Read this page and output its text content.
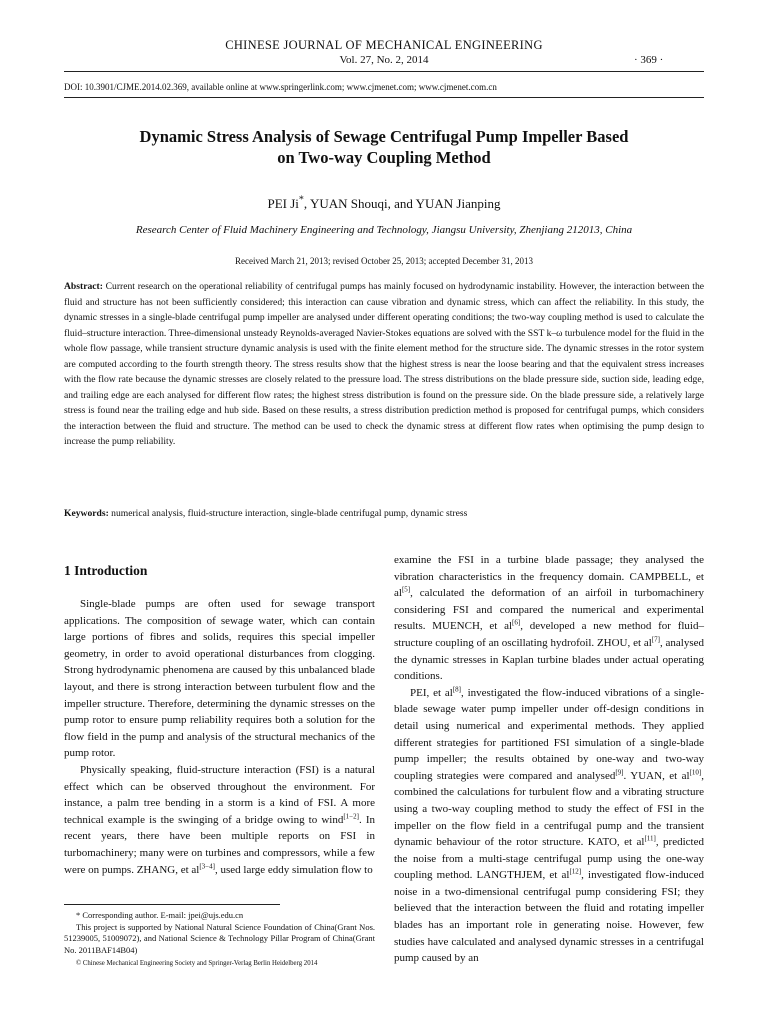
CHINESE JOURNAL OF MECHANICAL ENGINEERING
Vol. 27, No. 2, 2014	· 369 ·
DOI: 10.3901/CJME.2014.02.369, available online at www.springerlink.com; www.cjmenet.com; www.cjmenet.com.cn
Dynamic Stress Analysis of Sewage Centrifugal Pump Impeller Based
on Two-way Coupling Method
PEI Ji*, YUAN Shouqi, and YUAN Jianping
Research Center of Fluid Machinery Engineering and Technology, Jiangsu University, Zhenjiang 212013, China
Received March 21, 2013; revised October 25, 2013; accepted December 31, 2013
Abstract: Current research on the operational reliability of centrifugal pumps has mainly focused on hydrodynamic instability. However, the interaction between the fluid and structure has not been sufficiently considered; this interaction can cause vibration and dynamic stress, which can affect the reliability. In this study, the dynamic stresses in a single-blade centrifugal pump impeller are analysed under different operating conditions; the two-way coupling method is used to calculate the fluid–structure interaction. Three-dimensional unsteady Reynolds-averaged Navier-Stokes equations are solved with the SST k–ω turbulence model for the fluid in the whole flow passage, while transient structure dynamic analysis is used with the finite element method for the structure side. The dynamic stresses in the rotor system are computed according to the fourth strength theory. The stress results show that the highest stress is near the loose bearing and that the equivalent stress increases with the flow rate because the dynamic stresses are closely related to the pressure load. The stress distributions on the blade pressure side, suction side, leading edge, and trailing edge are each analysed for different flow rates; the highest stress distribution is found on the pressure side. On the blade pressure side, a relatively large stress is found near the trailing edge and hub side. Based on these results, a stress distribution prediction method is proposed for centrifugal pumps, which considers the interaction between the fluid and structure. The method can be used to check the dynamic stress at different flow rates when optimising the pump design to increase the pump reliability.
Keywords: numerical analysis, fluid-structure interaction, single-blade centrifugal pump, dynamic stress
1 Introduction

Single-blade pumps are often used for sewage transport applications. The composition of sewage water, which can contain large portions of fibres and solids, requires this special impeller geometry, in order to avoid operational disturbances from clogging. Strong hydrodynamic phenomena are caused by this unbalanced blade layout, and there is strong interaction between turbulent flow and the impeller structure. Therefore, determining the dynamic stresses on the pump rotor to ensure pump reliability requires both a solution for the flow field in the pump and analysis of the structural mechanics of the pump rotor.

Physically speaking, fluid-structure interaction (FSI) is a natural effect which can be observed throughout the environment. For instance, a palm tree bending in a storm is a kind of FSI. A more technical example is the swinging of a bridge owing to wind[1−2]. In recent years, there have been multiple reports on FSI in turbomachinery; many were on turbines and compressors, while a few were on pumps. ZHANG, et al[3−4], used large eddy simulation flow to

* Corresponding author. E-mail: jpei@ujs.edu.cn
This project is supported by National Natural Science Foundation of China(Grant Nos. 51239005, 51009072), and National Science & Technology Pillar Program of China(Grant No. 2011BAF14B04)
© Chinese Mechanical Engineering Society and Springer-Verlag Berlin Heidelberg 2014

examine the FSI in a turbine blade passage; they analysed the vibration characteristics in the frequency domain. CAMPBELL, et al[5], calculated the deformation of an airfoil in turbomachinery considering FSI and compared the numerical and experimental results. MUENCH, et al[6], developed a new method for fluid–structure coupling of an oscillating hydrofoil. ZHOU, et al[7], analysed the dynamic stresses in Kaplan turbine blades under actual operating conditions.

PEI, et al[8], investigated the flow-induced vibrations of a single-blade sewage water pump impeller under off-design conditions in detail using numerical and experimental methods. They applied different strategies for partitioned FSI simulation of a single-blade pump impeller; the results obtained by one-way and two-way coupling strategies were compared and analysed[9]. YUAN, et al[10], combined the calculations for turbulent flow and a vibrating structure using a two-way coupling method to study the effect of FSI in the impeller on the flow field in a centrifugal pump and the transient dynamic behaviour of the rotor structure. KATO, et al[11], predicted the noise from a multi-stage centrifugal pump using the one-way coupling method. LANGTHJEM, et al[12], investigated flow-induced noise in a two-dimensional centrifugal pump considering FSI; they believed that the interaction between the fluid and rotating impeller blades has an important role in generating noise. However, few studies have calculated and analysed dynamic stresses in a centrifugal pump caused by an
